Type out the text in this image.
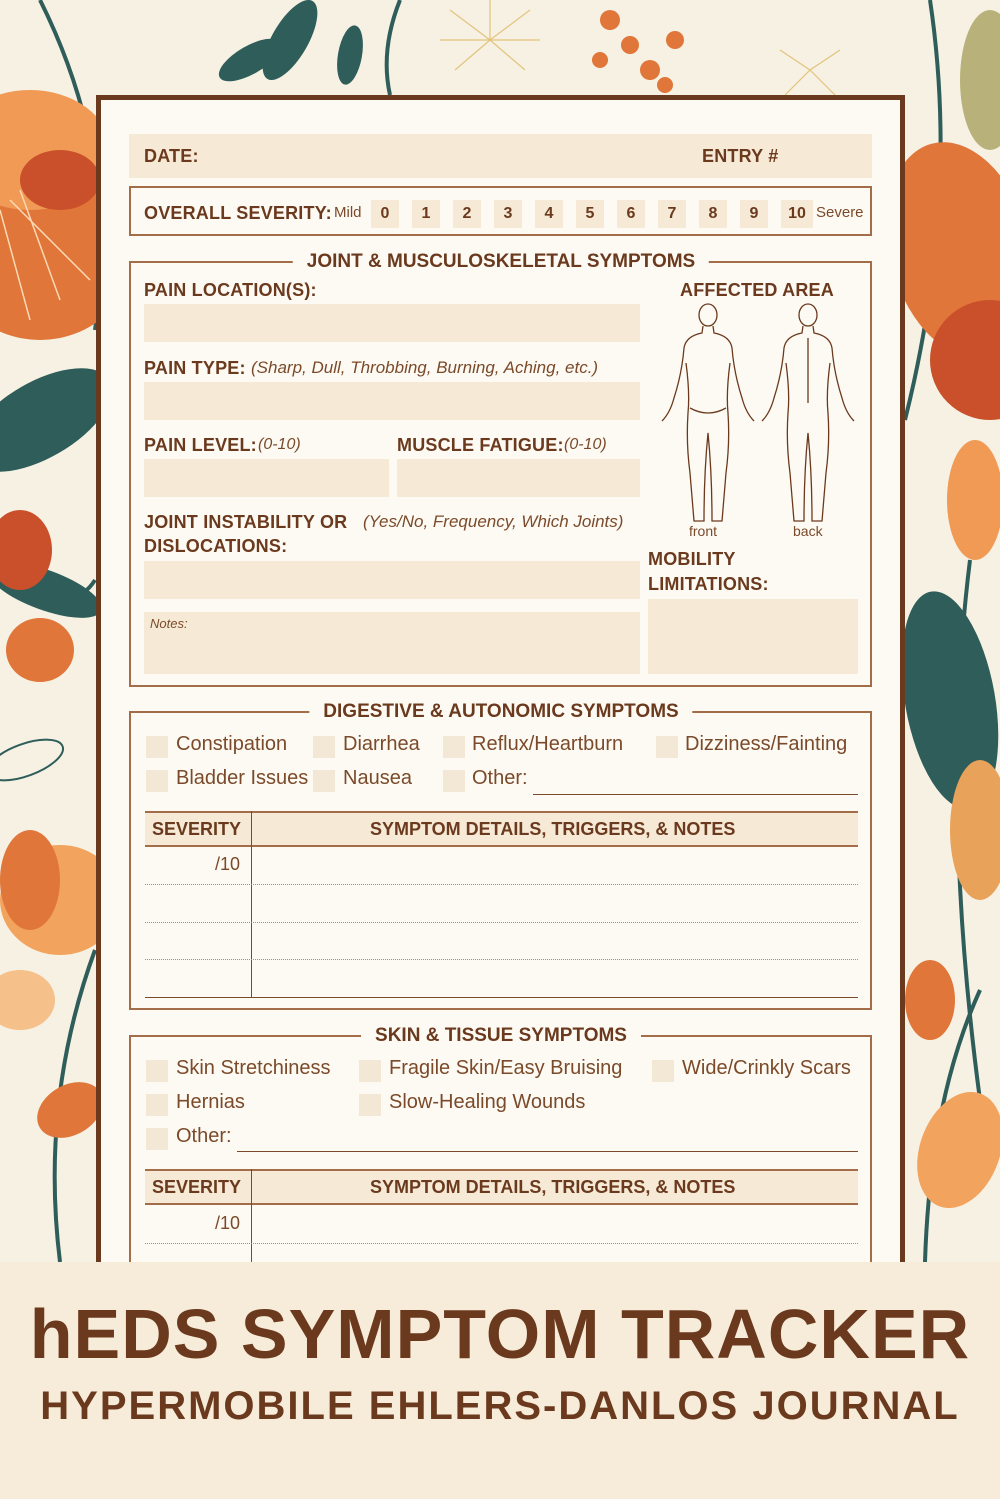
DATE:	ENTRY #
OVERALL SEVERITY: Mild	0	1	2	3	4	5	6	7	8	9	10 Severe
JOINT & MUSCULOSKELETAL SYMPTOMS
PAIN LOCATION(S):	AFFECTED AREA
PAIN TYPE: (Sharp, Dull, Throbbing, Burning, Aching, etc.)
PAIN LEVEL: (0-10)	MUSCLE FATIGUE: (0-10)
JOINT INSTABILITY OR
DISLOCATIONS:
(Yes/No, Frequency, Which Joints)
Notes:
front	back
MOBILITY
LIMITATIONS:
DIGESTIVE & AUTONOMIC SYMPTOMS
Constipation	Diarrhea	Reflux/Heartburn	Dizziness/Fainting
Bladder Issues Nausea	Other:
SEVERITY	SYMPTOM DETAILS, TRIGGERS, & NOTES
/10
SKIN & TISSUE SYMPTOMS
Skin Stretchiness	Fragile Skin/Easy Bruising	Wide/Crinkly Scars
Hernias	Slow-Healing Wounds
Other:
SEVERITY	SYMPTOM DETAILS, TRIGGERS, & NOTES
/10
hEDS SYMPTOM TRACKER
HYPERMOBILE EHLERS-DANLOS JOURNAL
